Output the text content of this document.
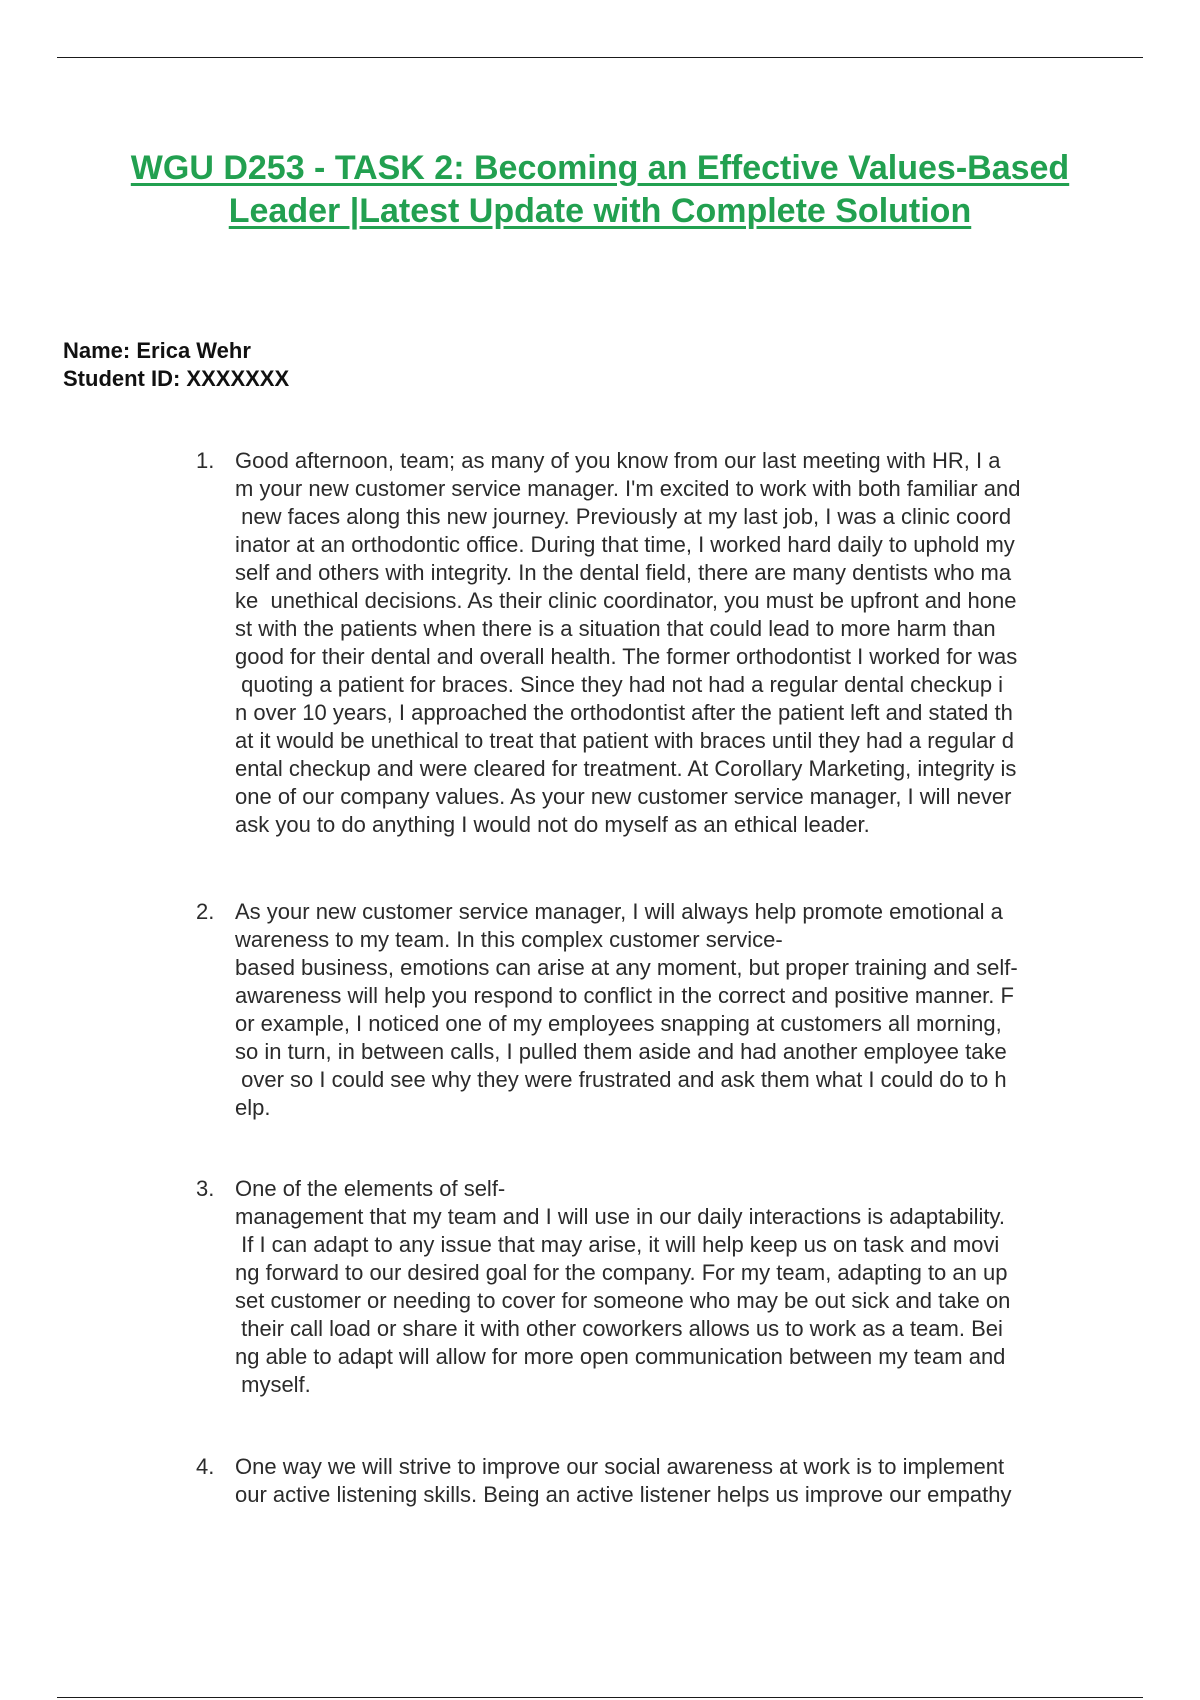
WGU D253 - TASK 2: Becoming an Effective Values-Based
Leader |Latest Update with Complete Solution
Name: Erica Wehr
Student ID: XXXXXXX
1. Good afternoon, team; as many of you know from our last meeting with HR, I a
m your new customer service manager. I'm excited to work with both familiar and
new faces along this new journey. Previously at my last job, I was a clinic coord
inator at an orthodontic office. During that time, I worked hard daily to uphold my
self and others with integrity. In the dental field, there are many dentists who ma
ke  unethical decisions. As their clinic coordinator, you must be upfront and hone
st with the patients when there is a situation that could lead to more harm than
good for their dental and overall health. The former orthodontist I worked for was
quoting a patient for braces. Since they had not had a regular dental checkup i
n over 10 years, I approached the orthodontist after the patient left and stated th
at it would be unethical to treat that patient with braces until they had a regular d
ental checkup and were cleared for treatment. At Corollary Marketing, integrity is
one of our company values. As your new customer service manager, I will never
ask you to do anything I would not do myself as an ethical leader.
2. As your new customer service manager, I will always help promote emotional a
wareness to my team. In this complex customer service-
based business, emotions can arise at any moment, but proper training and self-
awareness will help you respond to conflict in the correct and positive manner. F
or example, I noticed one of my employees snapping at customers all morning,
so in turn, in between calls, I pulled them aside and had another employee take
over so I could see why they were frustrated and ask them what I could do to h
elp.
3. One of the elements of self-
management that my team and I will use in our daily interactions is adaptability.
If I can adapt to any issue that may arise, it will help keep us on task and movi
ng forward to our desired goal for the company. For my team, adapting to an up
set customer or needing to cover for someone who may be out sick and take on
their call load or share it with other coworkers allows us to work as a team. Bei
ng able to adapt will allow for more open communication between my team and
myself.
4. One way we will strive to improve our social awareness at work is to implement
our active listening skills. Being an active listener helps us improve our empathy
